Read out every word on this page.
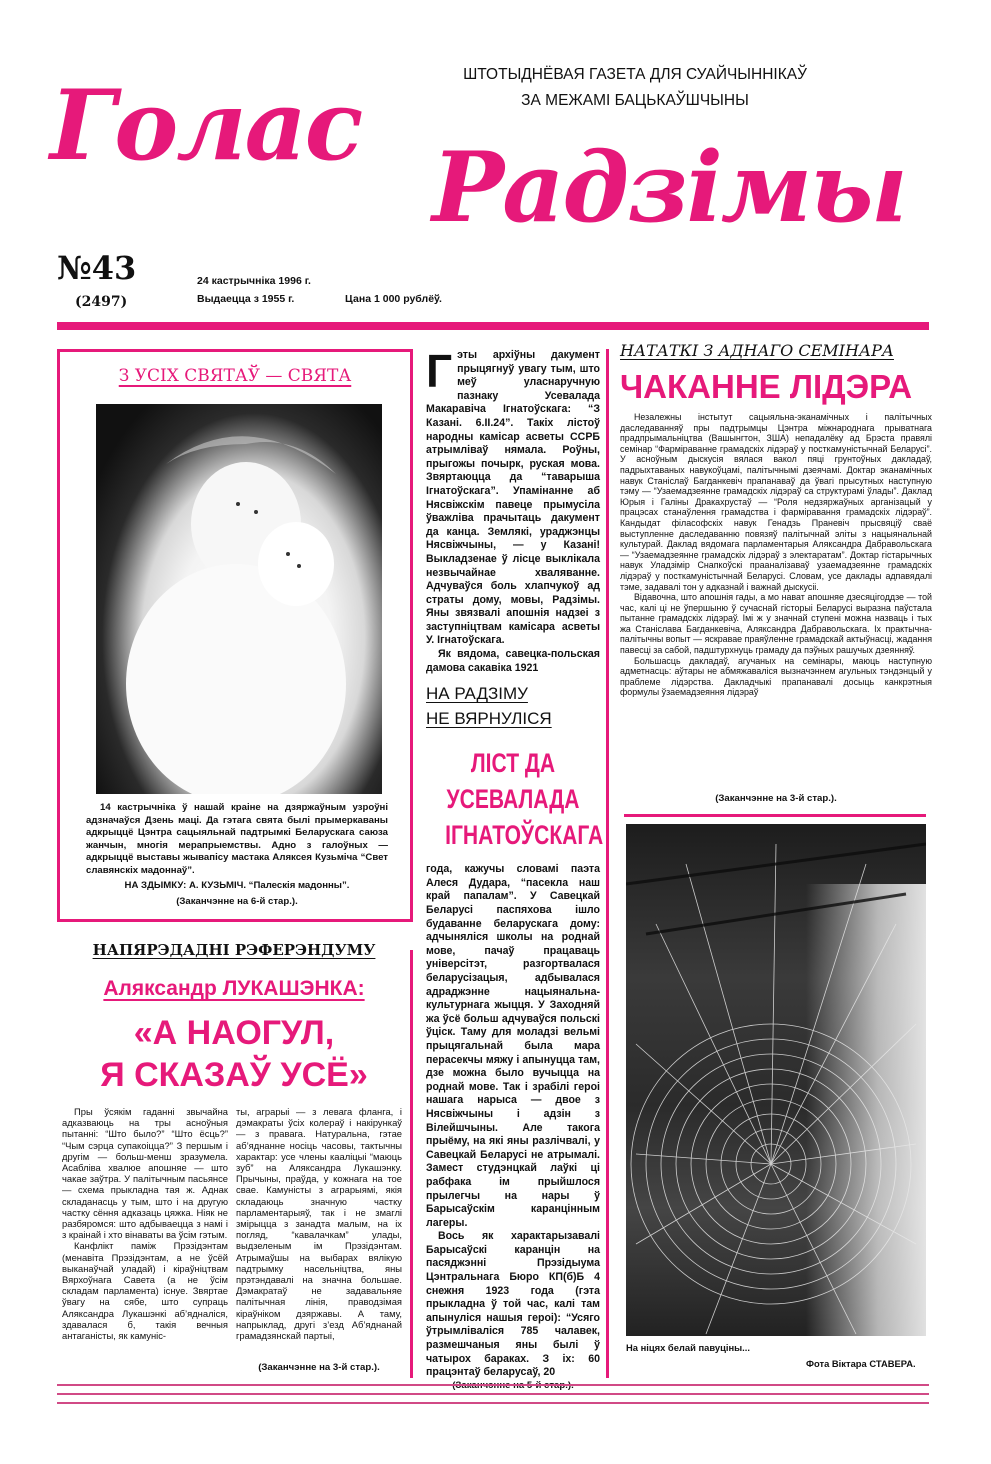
ШТОТЫДНЁВАЯ ГАЗЕТА ДЛЯ СУАЙЧЫННІКАЎ
ЗА МЕЖАМІ БАЦЬКАЎШЧЫНЫ
Голас
Радзімы
№43
(2497)
24 кастрычніка 1996 г.
Выдаецца з 1955 г.	Цана 1 000 рублёў.
З УСІХ СВЯТАЎ — СВЯТА
14 кастрычніка ў нашай краіне на дзяржаўным узроўні адзначаўся Дзень маці. Да гэтага свята былі прымеркаваны адкрыццё Цэнтра сацыяльнай падтрымкі Беларускага саюза жанчын, многія мерапрыемствы. Адно з галоўных — адкрыццё выставы жывапісу мастака Аляксея Кузьміча “Свет славянскіх мадоннаў”.
НА ЗДЫМКУ: А. КУЗЬМІЧ. “Палескія мадонны”.
(Заканчэнне на 6-й стар.).
Г эты архіўны дакумент прыцягнуў увагу тым, што меў уласнаручную пазнаку Усевалада Макаравіча Ігнатоўскага: “З Казані. 6.ІІ.24”. Такіх лістоў народны камісар асветы ССРБ атрымліваў нямала. Роўны, прыгожы почырк, руская мова. Звяртаюцца да “таварыша Ігнатоўскага”. Упамінанне аб Нясвіжскім павеце прымусіла ўважліва прачытаць дакумент да канца. Землякі, ураджэнцы Нясвіжчыны, — у Казані! Выкладзенае ў лісце выклікала незвычайнае хваляванне. Адчуваўся боль хлапчукоў ад страты дому, мовы, Радзімы. Яны звязвалі апошнія надзеі з заступніцтвам камісара асветы У. Ігнатоўскага.
Як вядома, савецка-польская дамова сакавіка 1921
НА РАДЗІМУ
НЕ ВЯРНУЛІСЯ
ЛІСТ ДА
УСЕВАЛАДА
ІГНАТОЎСКАГА
года, кажучы словамі паэта Алеся Дудара, “пасекла наш край папалам”. У Савецкай Беларусі паспяхова ішло будаванне беларускага дому: адчыняліся школы на роднай мове, пачаў працаваць універсітэт, разгортвалася беларусізацыя, адбывалася адраджэнне нацыянальна-культурнага жыцця. У Заходняй жа ўсё больш адчуваўся польскі ўціск. Таму для моладзі вельмі прыцягальнай была мара перасекчы мяжу і апынуцца там, дзе можна было вучыцца на роднай мове. Так і зрабілі героі нашага нарыса — двое з Нясвіжчыны і адзін з Вілейшчыны. Але такога прыёму, на які яны разлічвалі, у Савецкай Беларусі не атрымалі. Замест студэнцкай лаўкі ці рабфака ім прыйшлося прылегчы на нары ў Барысаўскім каранцінным лагеры.
Вось як характарызавалі Барысаўскі каранцін на пасяджэнні Прэзідыума Цэнтральнага Бюро КП(б)Б 4 снежня 1923 года (гэта прыкладна ў той час, калі там апынуліся нашыя героі): “Усяго ўтрымліваліся 785 чалавек, размешчаныя яны былі ў чатырох бараках. З іх: 60 працэнтаў беларусаў, 20
НАТАТКІ З АДНАГО СЕМІНАРА
ЧАКАННЕ ЛІДЭРА

Незалежны інстытут сацыяльна-эканамічных і палітычных даследаванняў пры падтрымцы Цэнтра міжнароднага прыватнага прадпрымальніцтва (Вашынгтон, ЗША) непадалёку ад Брэста правялі семінар “Фарміраванне грамадскіх лідэраў у посткамуністычнай Беларусі”. У асноўным дыскусія вялася вакол пяці грунтоўных дакладаў, падрыхтаваных навукоўцамі, палітычнымі дзеячамі. Доктар эканамічных навук Станіслаў Багданкевіч прапанаваў да ўвагі прысутных наступную тэму — “Узаемадзеянне грамадскіх лідэраў са структурамі ўлады”. Даклад Юрыя і Галіны Дракахрустаў — “Роля недзяржаўных арганізацый у працэсах станаўлення грамадства і фарміравання грамадскіх лідэраў”. Кандыдат філасофскіх навук Генадзь Праневіч прысвяціў сваё выступленне даследаванню повязяў палітычнай эліты з нацыянальнай культурай. Даклад вядомага парламентарыя Аляксандра Дабравольскага — “Узаемадзеянне грамадскіх лідэраў з электаратам”. Доктар гістарычных навук Уладзімір Снапкоўскі прааналізаваў узаемадзеянне грамадскіх лідэраў у посткамуністычнай Беларусі. Словам, усе даклады адпавядалі тэме, задавалі тон у адказнай і важнай дыскусіі.

Відавочна, што апошнія гады, а мо нават апошняе дзесяцігоддзе — той час, калі ці не ўпершыню ў сучаснай гісторыі Беларусі выразна паўстала пытанне грамадскіх лідэраў. Імі ж у значнай ступені можна назваць і тых жа Станіслава Багданкевіча, Аляксандра Дабравольскага. Іх практычна-палітычны вопыт — яскравае праяўленне грамадскай актыўнасці, жадання павесці за сабой, падштурхнуць грамаду да пэўных рашучых дзеянняў.

Большасць дакладаў, агучаных на семінары, маюць наступную адметнасць: аўтары не абмяжаваліся вызначэннем агульных тэндэнцый у праблеме лідэрства. Дакладчыкі прапанавалі досыць канкрэтныя формулы ўзаемадзеяння лідэраў

(Заканчэнне на 3-й стар.).
На ніцях белай павуціны...
Фота Віктара СТАВЕРА.
НАПЯРЭДАДНІ РЭФЕРЭНДУМУ
Аляксандр ЛУКАШЭНКА:
«А НАОГУЛ,
Я СКАЗАЎ УСЁ»

Пры ўсякім гаданні звычайна адказваюць на тры асноўныя пытанні: “Што было?” “Што ёсць?” “Чым сэрца супакоіцца?” З першым і другім — больш-менш зразумела. Асабліва хвалюе апошняе — што чакае заўтра. У палітычным пасьянсе — схема прыкладна тая ж. Аднак складанасць у тым, што і на другую частку сёння адказаць цяжка. Ніяк не разбяромся: што адбываецца з намі і з краінай і хто вінаваты ва ўсім гэтым.

Канфлікт паміж Прэзідэнтам (менавіта Прэзідэнтам, а не ўсёй выканаўчай уладай) і кіраўніцтвам Вярхоўнага Савета (а не ўсім складам парламента) існуе. Звяртае ўвагу на сябе, што супраць Аляксандра Лукашэнкі аб’ядналіся, здавалася б, такія вечныя антаганісты, як камуніс-

ты, аграрыі — з левага фланга, і дэмакраты ўсіх колераў і накірункаў — з правага. Натуральна, гэтае аб’яднанне носіць часовы, тактычны характар: усе члены кааліцыі “маюць зуб” на Аляксандра Лукашэнку. Прычыны, праўда, у кожнага на тое свае. Камуністы з аграрыямі, якія складаюць значную частку парламентарыяў, так і не змаглі змірыцца з занадта малым, на іх погляд, “кавалачкам” улады, выдзеленым ім Прэзідэнтам. Атрымаўшы на выбарах вялікую падтрымку насельніцтва, яны прэтэндавалі на значна большае. Дэмакратаў не задавальняе палітычная лінія, праводзімая кіраўніком дзяржавы. А таму, напрыклад, другі з’езд Аб’яднанай грамадзянскай партыі,

(Заканчэнне на 3-й стар.).
